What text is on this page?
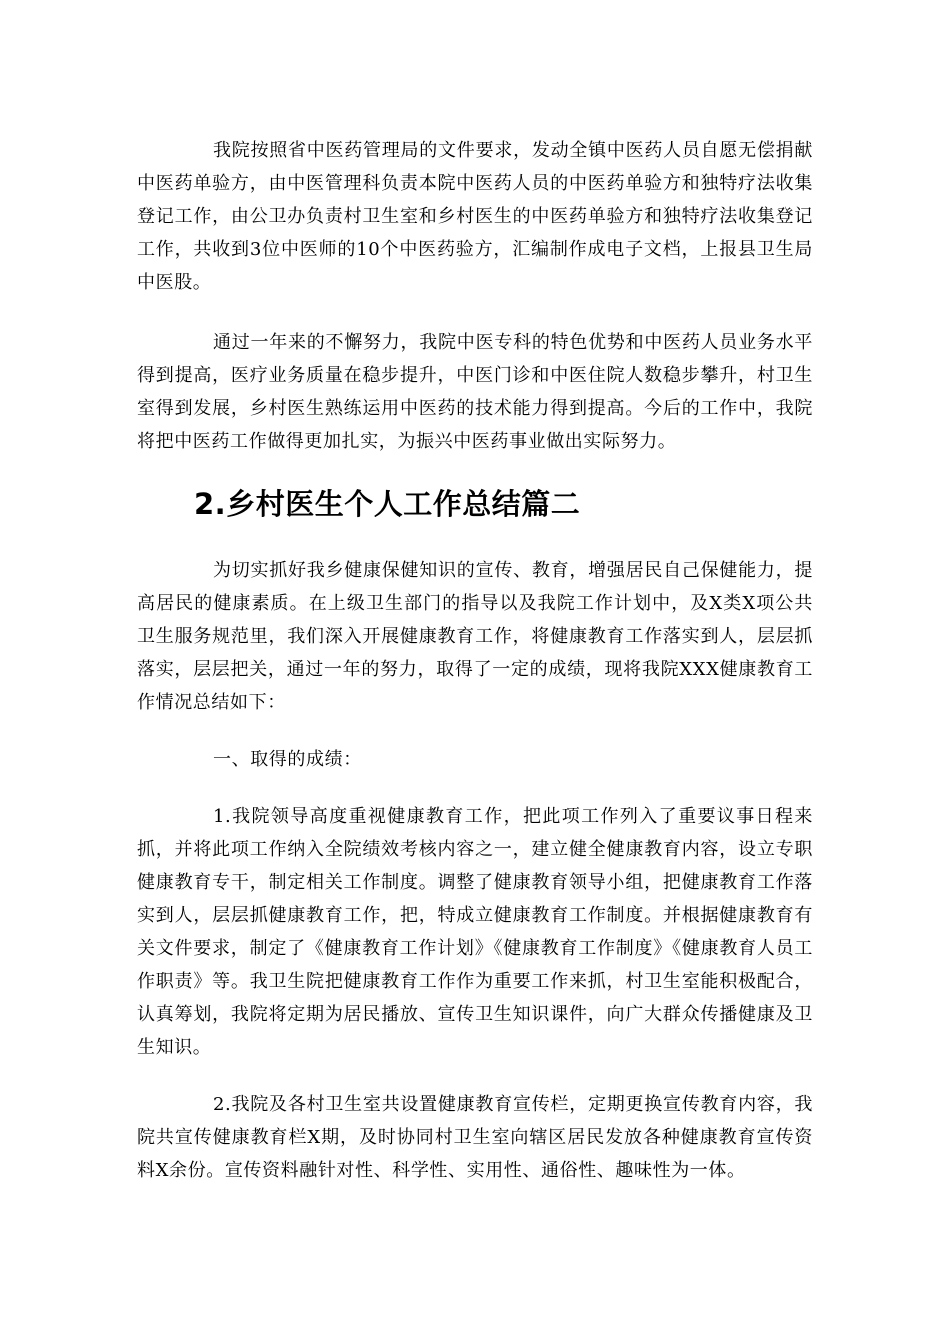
我院按照省中医药管理局的文件要求，发动全镇中医药人员自愿无偿捐献中医药单验方，由中医管理科负责本院中医药人员的中医药单验方和独特疗法收集登记工作，由公卫办负责村卫生室和乡村医生的中医药单验方和独特疗法收集登记工作，共收到3位中医师的10个中医药验方，汇编制作成电子文档，上报县卫生局中医股。

通过一年来的不懈努力，我院中医专科的特色优势和中医药人员业务水平得到提高，医疗业务质量在稳步提升，中医门诊和中医住院人数稳步攀升，村卫生室得到发展，乡村医生熟练运用中医药的技术能力得到提高。今后的工作中，我院将把中医药工作做得更加扎实，为振兴中医药事业做出实际努力。

2.乡村医生个人工作总结篇二

为切实抓好我乡健康保健知识的宣传、教育，增强居民自己保健能力，提高居民的健康素质。在上级卫生部门的指导以及我院工作计划中，及X类X项公共卫生服务规范里，我们深入开展健康教育工作，将健康教育工作落实到人，层层抓落实，层层把关，通过一年的努力，取得了一定的成绩，现将我院XXX健康教育工作情况总结如下：

一、取得的成绩：

1.我院领导高度重视健康教育工作，把此项工作列入了重要议事日程来抓，并将此项工作纳入全院绩效考核内容之一，建立健全健康教育内容，设立专职健康教育专干，制定相关工作制度。调整了健康教育领导小组，把健康教育工作落实到人，层层抓健康教育工作，把，特成立健康教育工作制度。并根据健康教育有关文件要求，制定了《健康教育工作计划》《健康教育工作制度》《健康教育人员工作职责》等。我卫生院把健康教育工作作为重要工作来抓，村卫生室能积极配合，认真筹划，我院将定期为居民播放、宣传卫生知识课件，向广大群众传播健康及卫生知识。

2.我院及各村卫生室共设置健康教育宣传栏，定期更换宣传教育内容，我院共宣传健康教育栏X期，及时协同村卫生室向辖区居民发放各种健康教育宣传资料X余份。宣传资料融针对性、科学性、实用性、通俗性、趣味性为一体。
